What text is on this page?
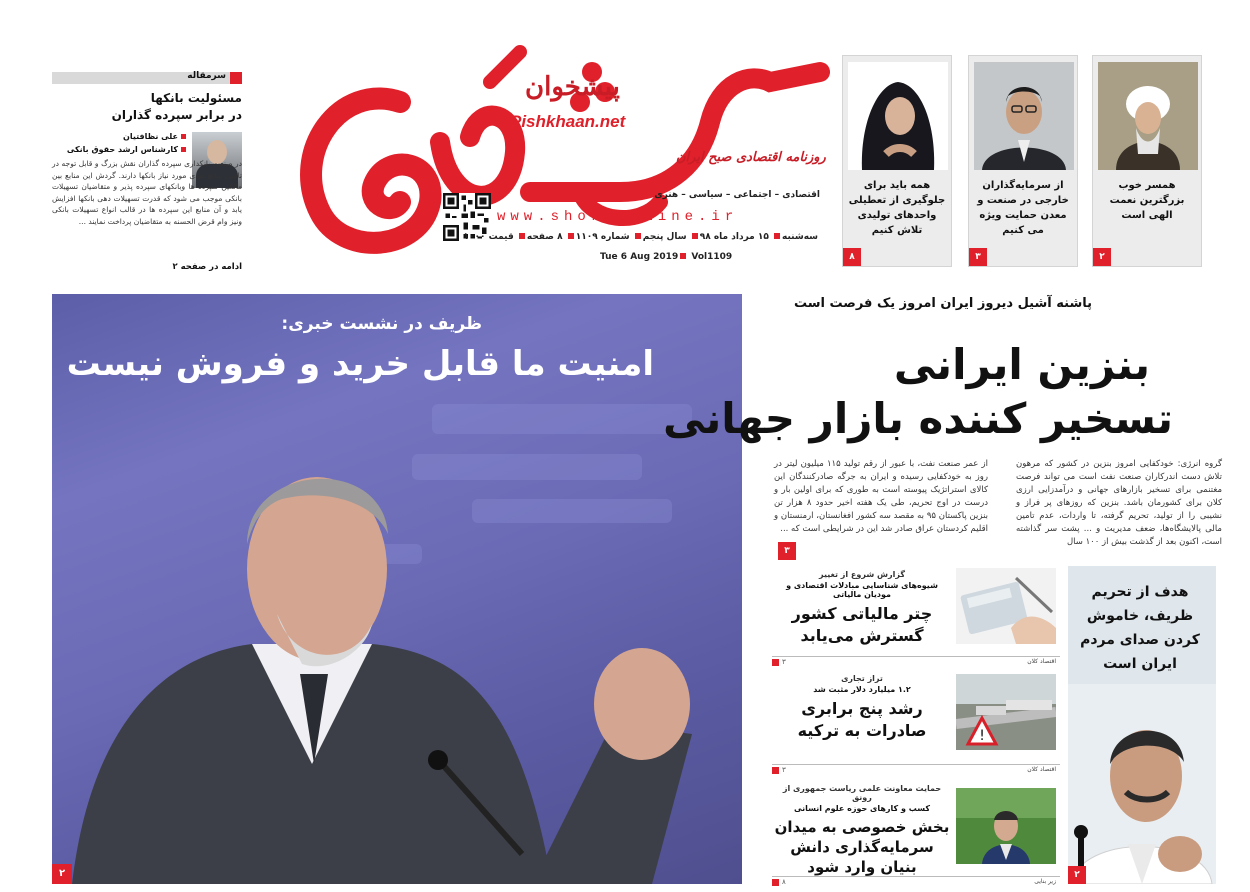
سرمقاله
مسئولیت بانکها
در برابر سپرده گذاران
علی نظافتیان
کارشناس ارشد حقوق بانکی
در صنعت بانکداری سپرده گذاران نقش بزرگ و قابل توجه در تامین منابع نقدی مورد نیاز بانکها دارند. گردش این منابع بین مالکین سپرده ها وبانکهای سپرده پذیر و متقاضیان تسهیلات بانکی موجب می شود که قدرت تسهیلات دهی بانکها افزایش یابد و آن منابع این سپرده ها در قالب انواع تسهیلات بانکی ونیز وام قرض الحسنه به متقاضیان پرداخت نمایند ...
ادامه در صفحه ۲
پیشخوان
Pishkhaan.net
روزنامه اقتصادی صبح ایران
اقتصادی – اجتماعی – سیاسی – هنری
www.shoroonline.ir
سه‌شنبه ۱۵ مرداد ماه ۹۸ سال پنجم شماره ۱۱۰۹ ۸ صفحه قیمت ۱۰۰۰
Tue 6 Aug 2019 Vol1109
همسر خوب بزرگترین نعمت الهی است
۲
از سرمایه‌گذاران خارجی در صنعت و معدن حمایت ویژه‌ می کنیم
۳
همه باید برای جلوگیری از تعطیلی واحدهای تولیدی تلاش کنیم
۸
ظریف در نشست خبری:
امنیت ما قابل خرید و فروش نیست
۲
پاشنه آشیل دیروز ایران امروز یک فرصت است
بنزین ایرانی
تسخیر کننده بازار جهانی
گروه انرژی: خودکفایی امروز بنزین در کشور که مرهون تلاش دست اندرکاران صنعت نفت است می تواند فرصت مغتنمی برای تسخیر بازارهای جهانی و درآمدزایی ارزی کلان برای کشورمان باشد. بنزین که روزهای پر فراز و نشیبی را از تولید، تحریم گرفته، تا واردات، عدم تامین مالی پالایشگاه‌ها، ضعف مدیریت و ... پشت سر گذاشته است، اکنون بعد از گذشت بیش از ۱۰۰ سال
از عمر صنعت نفت، با عبور از رقم تولید ۱۱۵ میلیون لیتر در روز به خودکفایی رسیده و ایران به جرگه صادرکنندگان این کالای استراتژیک پیوسته است به طوری که برای اولین بار و درست در اوج تحریم، طی یک هفته اخیر حدود ۸ هزار تن بنزین پاکستان ۹۵ به مقصد سه کشور افغانستان، ارمنستان و اقلیم کردستان عراق صادر شد این در شرایطی است که ...
۳
گزارش شروع از تغییر
شیوه‌های شناسایی مبادلات اقتصادی و مودیان مالیاتی
چتر مالیاتی کشور گسترش می‌یابد
۳	اقتصاد کلان
تراز تجاری
۱.۲ میلیارد دلار مثبت شد
رشد پنج برابری صادرات به ترکیه	!
۳	اقتصاد کلان
حمایت معاونت علمی ریاست جمهوری از رونق
کسب و کارهای حوزه علوم انسانی
بخش خصوصی به میدان سرمایه‌گذاری دانش بنیان وارد شود
۸	زیر بنایی
هدف از تحریم ظریف، خاموش کردن صدای مردم ایران است
۲
